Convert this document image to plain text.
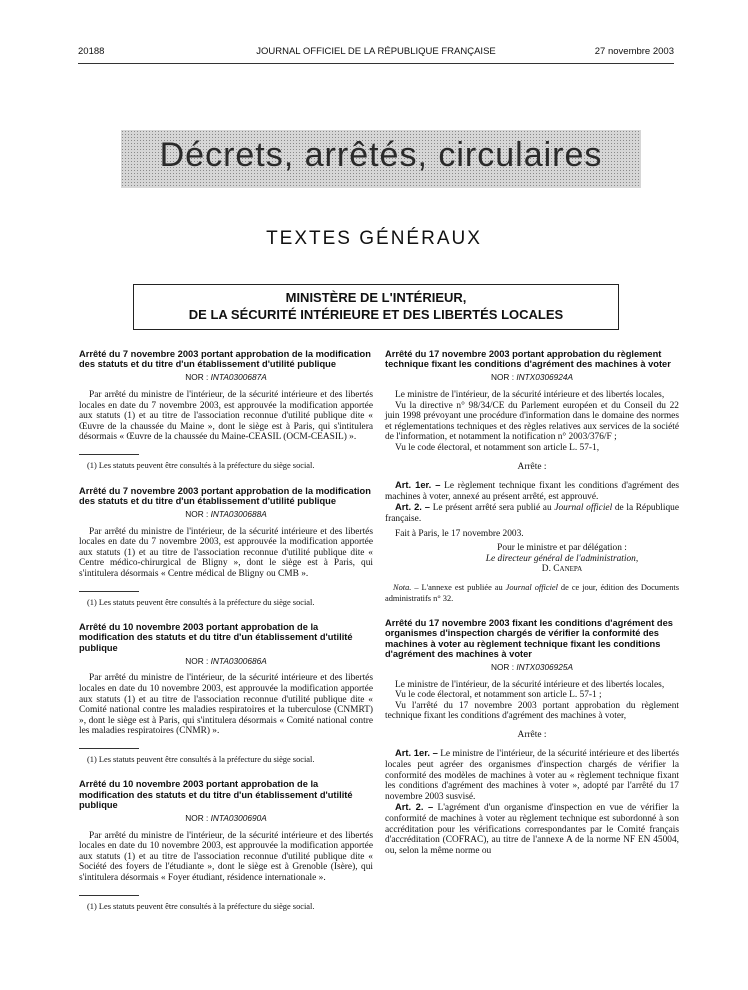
20188	JOURNAL OFFICIEL DE LA RÉPUBLIQUE FRANÇAISE	27 novembre 2003
Décrets, arrêtés, circulaires
TEXTES GÉNÉRAUX
MINISTÈRE DE L'INTÉRIEUR,
DE LA SÉCURITÉ INTÉRIEURE ET DES LIBERTÉS LOCALES

Arrêté du 7 novembre 2003 portant approbation de la modification des statuts et du titre d'un établissement d'utilité publique

NOR : INTA0300687A

Par arrêté du ministre de l'intérieur, de la sécurité intérieure et des libertés locales en date du 7 novembre 2003, est approuvée la modification apportée aux statuts (1) et au titre de l'association reconnue d'utilité publique dite « Œuvre de la chaussée du Maine », dont le siège est à Paris, qui s'intitulera désormais « Œuvre de la chaussée du Maine-CEASIL (OCM-CEASIL) ».

(1) Les statuts peuvent être consultés à la préfecture du siège social.

Arrêté du 7 novembre 2003 portant approbation de la modification des statuts et du titre d'un établissement d'utilité publique

NOR : INTA0300688A

Par arrêté du ministre de l'intérieur, de la sécurité intérieure et des libertés locales en date du 7 novembre 2003, est approuvée la modification apportée aux statuts (1) et au titre de l'association reconnue d'utilité publique dite « Centre médico-chirurgical de Bligny », dont le siège est à Paris, qui s'intitulera désormais « Centre médical de Bligny ou CMB ».

(1) Les statuts peuvent être consultés à la préfecture du siège social.

Arrêté du 10 novembre 2003 portant approbation de la modification des statuts et du titre d'un établissement d'utilité publique

NOR : INTA0300686A

Par arrêté du ministre de l'intérieur, de la sécurité intérieure et des libertés locales en date du 10 novembre 2003, est approuvée la modification apportée aux statuts (1) et au titre de l'association reconnue d'utilité publique dite « Comité national contre les maladies respiratoires et la tuberculose (CNMRT) », dont le siège est à Paris, qui s'intitulera désormais « Comité national contre les maladies respiratoires (CNMR) ».

(1) Les statuts peuvent être consultés à la préfecture du siège social.

Arrêté du 10 novembre 2003 portant approbation de la modification des statuts et du titre d'un établissement d'utilité publique

NOR : INTA0300690A

Par arrêté du ministre de l'intérieur, de la sécurité intérieure et des libertés locales en date du 10 novembre 2003, est approuvée la modification apportée aux statuts (1) et au titre de l'association reconnue d'utilité publique dite « Société des foyers de l'étudiante », dont le siège est à Grenoble (Isère), qui s'intitulera désormais « Foyer étudiant, résidence internationale ».

(1) Les statuts peuvent être consultés à la préfecture du siège social.

Arrêté du 17 novembre 2003 portant approbation du règlement technique fixant les conditions d'agrément des machines à voter

NOR : INTX0306924A

Le ministre de l'intérieur, de la sécurité intérieure et des libertés locales,

Vu la directive n° 98/34/CE du Parlement européen et du Conseil du 22 juin 1998 prévoyant une procédure d'information dans le domaine des normes et réglementations techniques et des règles relatives aux services de la société de l'information, et notamment la notification n° 2003/376/F ;

Vu le code électoral, et notamment son article L. 57-1,

Arrête :

Art. 1er. – Le règlement technique fixant les conditions d'agrément des machines à voter, annexé au présent arrêté, est approuvé.

Art. 2. – Le présent arrêté sera publié au Journal officiel de la République française.

Fait à Paris, le 17 novembre 2003.

Pour le ministre et par délégation :

Le directeur général de l'administration,

D. Canepa

Nota. – L'annexe est publiée au Journal officiel de ce jour, édition des Documents administratifs n° 32.

Arrêté du 17 novembre 2003 fixant les conditions d'agrément des organismes d'inspection chargés de vérifier la conformité des machines à voter au règlement technique fixant les conditions d'agrément des machines à voter

NOR : INTX0306925A

Le ministre de l'intérieur, de la sécurité intérieure et des libertés locales,

Vu le code électoral, et notamment son article L. 57-1 ;

Vu l'arrêté du 17 novembre 2003 portant approbation du règlement technique fixant les conditions d'agrément des machines à voter,

Arrête :

Art. 1er. – Le ministre de l'intérieur, de la sécurité intérieure et des libertés locales peut agréer des organismes d'inspection chargés de vérifier la conformité des modèles de machines à voter au « règlement technique fixant les conditions d'agrément des machines à voter », adopté par l'arrêté du 17 novembre 2003 susvisé.

Art. 2. – L'agrément d'un organisme d'inspection en vue de vérifier la conformité de machines à voter au règlement technique est subordonné à son accréditation pour les vérifications correspondantes par le Comité français d'accréditation (COFRAC), au titre de l'annexe A de la norme NF EN 45004, ou, selon la même norme ou
